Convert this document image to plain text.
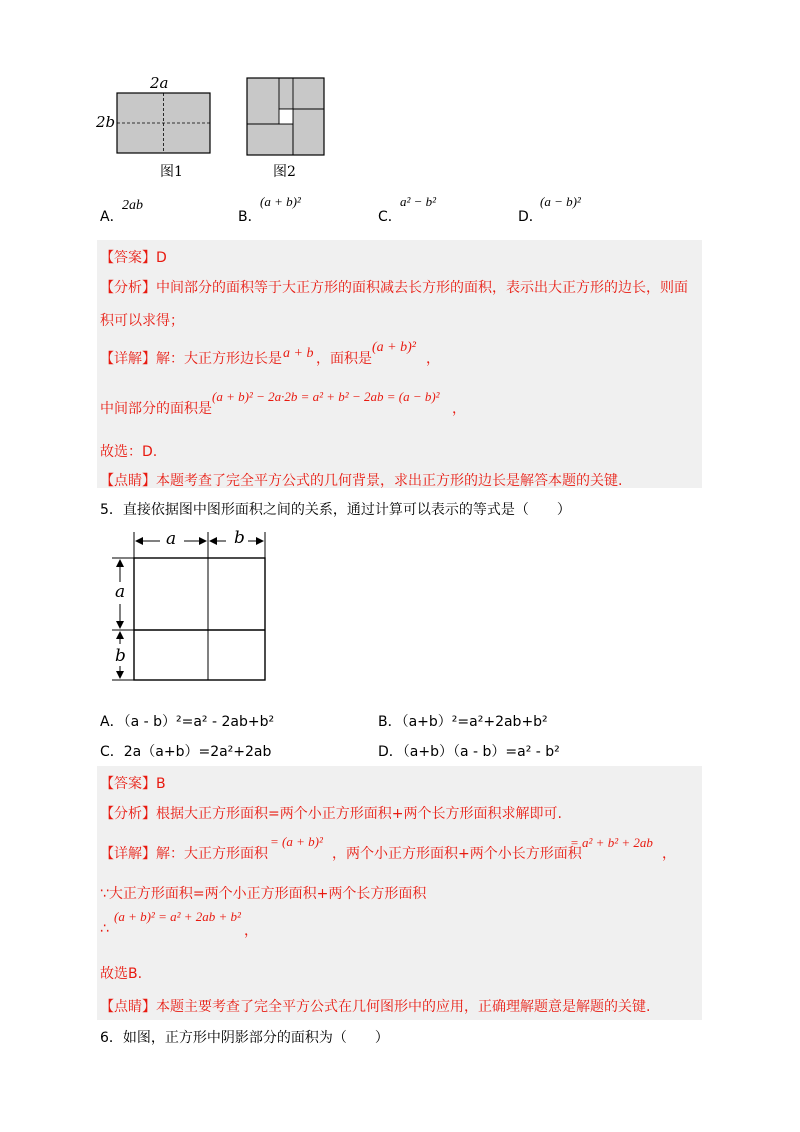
2a
2b
图1	图2
A．
2ab
B．
(a + b)²
C．
a² − b²
D．
(a − b)²
【答案】D
【分析】中间部分的面积等于大正方形的面积减去长方形的面积，表示出大正方形的边长，则面
积可以求得；
【详解】解：大正方形边长是 a + b ，面积是
(a + b)²
，
中间部分的面积是
(a + b)² − 2a·2b = a² + b² − 2ab = (a − b)²
，
故选：D.
【点睛】本题考查了完全平方公式的几何背景，求出正方形的边长是解答本题的关键.
5．直接依据图中图形面积之间的关系，通过计算可以表示的等式是（　　）
a	b
a
b
A．（a - b）²=a² - 2ab+b²	B．（a+b）²=a²+2ab+b²
C．2a（a+b）=2a²+2ab	D．（a+b）（a - b）=a² - b²
【答案】B
【分析】根据大正方形面积=两个小正方形面积+两个长方形面积求解即可.
【详解】解：大正方形面积
= (a + b)²
，两个小正方形面积+两个小长方形面积
= a² + b² + 2ab
，
∵大正方形面积=两个小正方形面积+两个长方形面积
∴
(a + b)² = a² + 2ab + b²
，
故选B.
【点睛】本题主要考查了完全平方公式在几何图形中的应用，正确理解题意是解题的关键.
6．如图，正方形中阴影部分的面积为（　　）
